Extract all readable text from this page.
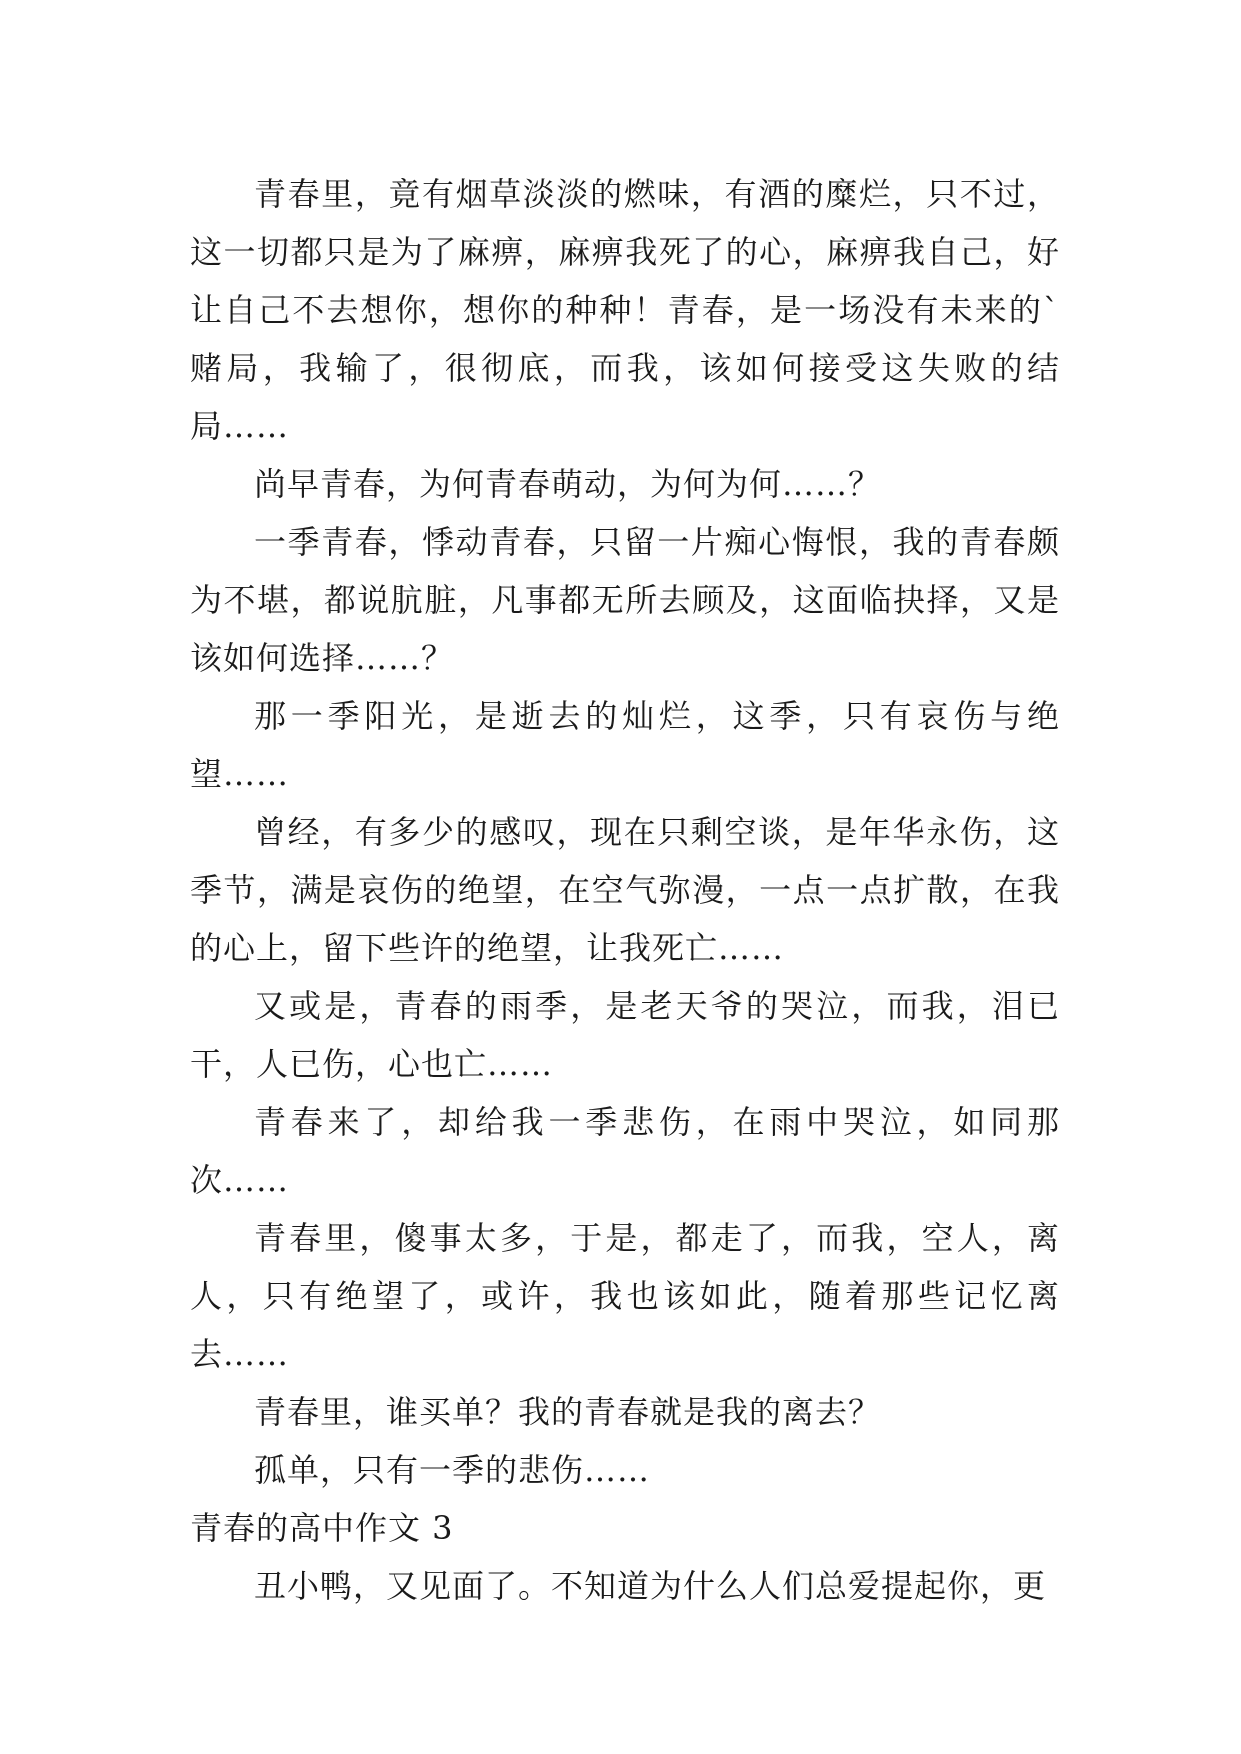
青春里，竟有烟草淡淡的燃味，有酒的糜烂，只不过，这一切都只是为了麻痹，麻痹我死了的心，麻痹我自己，好让自己不去想你，想你的种种！青春，是一场没有未来的`赌局，我输了，很彻底，而我，该如何接受这失败的结局……

尚早青春，为何青春萌动，为何为何……？

一季青春，悸动青春，只留一片痴心悔恨，我的青春颇为不堪，都说肮脏，凡事都无所去顾及，这面临抉择，又是该如何选择……？

那一季阳光，是逝去的灿烂，这季，只有哀伤与绝望……

曾经，有多少的感叹，现在只剩空谈，是年华永伤，这季节，满是哀伤的绝望，在空气弥漫，一点一点扩散，在我的心上，留下些许的绝望，让我死亡……

又或是，青春的雨季，是老天爷的哭泣，而我，泪已干，人已伤，心也亡……

青春来了，却给我一季悲伤，在雨中哭泣，如同那次……

青春里，傻事太多，于是，都走了，而我，空人，离人，只有绝望了，或许，我也该如此，随着那些记忆离去……

青春里，谁买单？我的青春就是我的离去？

孤单，只有一季的悲伤……

青春的高中作文 3

丑小鸭，又见面了。不知道为什么人们总爱提起你，更
